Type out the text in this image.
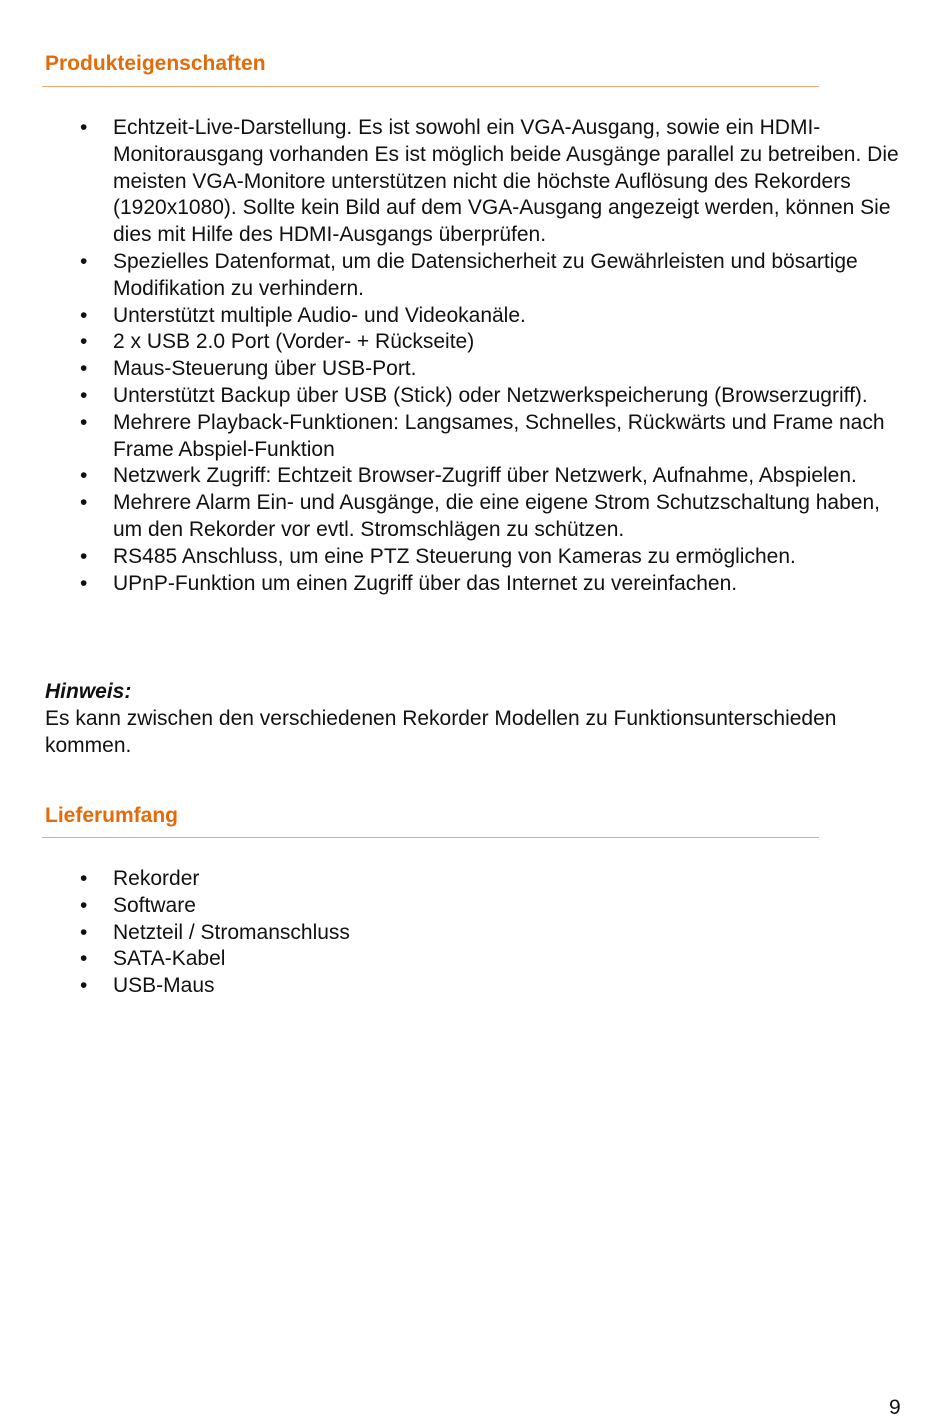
Produkteigenschaften
• Echtzeit-Live-Darstellung. Es ist sowohl ein VGA-Ausgang, sowie ein HDMI-Monitorausgang vorhanden Es ist möglich beide Ausgänge parallel zu betreiben. Die meisten VGA-Monitore unterstützen nicht die höchste Auflösung des Rekorders (1920x1080). Sollte kein Bild auf dem VGA-Ausgang angezeigt werden, können Sie dies mit Hilfe des HDMI-Ausgangs überprüfen.
• Spezielles Datenformat, um die Datensicherheit zu Gewährleisten und bösartige Modifikation zu verhindern.
• Unterstützt multiple Audio- und Videokanäle.
• 2 x USB 2.0 Port (Vorder- + Rückseite)
• Maus-Steuerung über USB-Port.
• Unterstützt Backup über USB (Stick) oder Netzwerkspeicherung (Browserzugriff).
• Mehrere Playback-Funktionen: Langsames, Schnelles, Rückwärts und Frame nach Frame Abspiel-Funktion
• Netzwerk Zugriff: Echtzeit Browser-Zugriff über Netzwerk, Aufnahme, Abspielen.
• Mehrere Alarm Ein- und Ausgänge, die eine eigene Strom Schutzschaltung haben, um den Rekorder vor evtl. Stromschlägen zu schützen.
• RS485 Anschluss, um eine PTZ Steuerung von Kameras zu ermöglichen.
• UPnP-Funktion um einen Zugriff über das Internet zu vereinfachen.
Hinweis:
Es kann zwischen den verschiedenen Rekorder Modellen zu Funktionsunterschieden kommen.
Lieferumfang
• Rekorder
• Software
• Netzteil / Stromanschluss
• SATA-Kabel
• USB-Maus
9
